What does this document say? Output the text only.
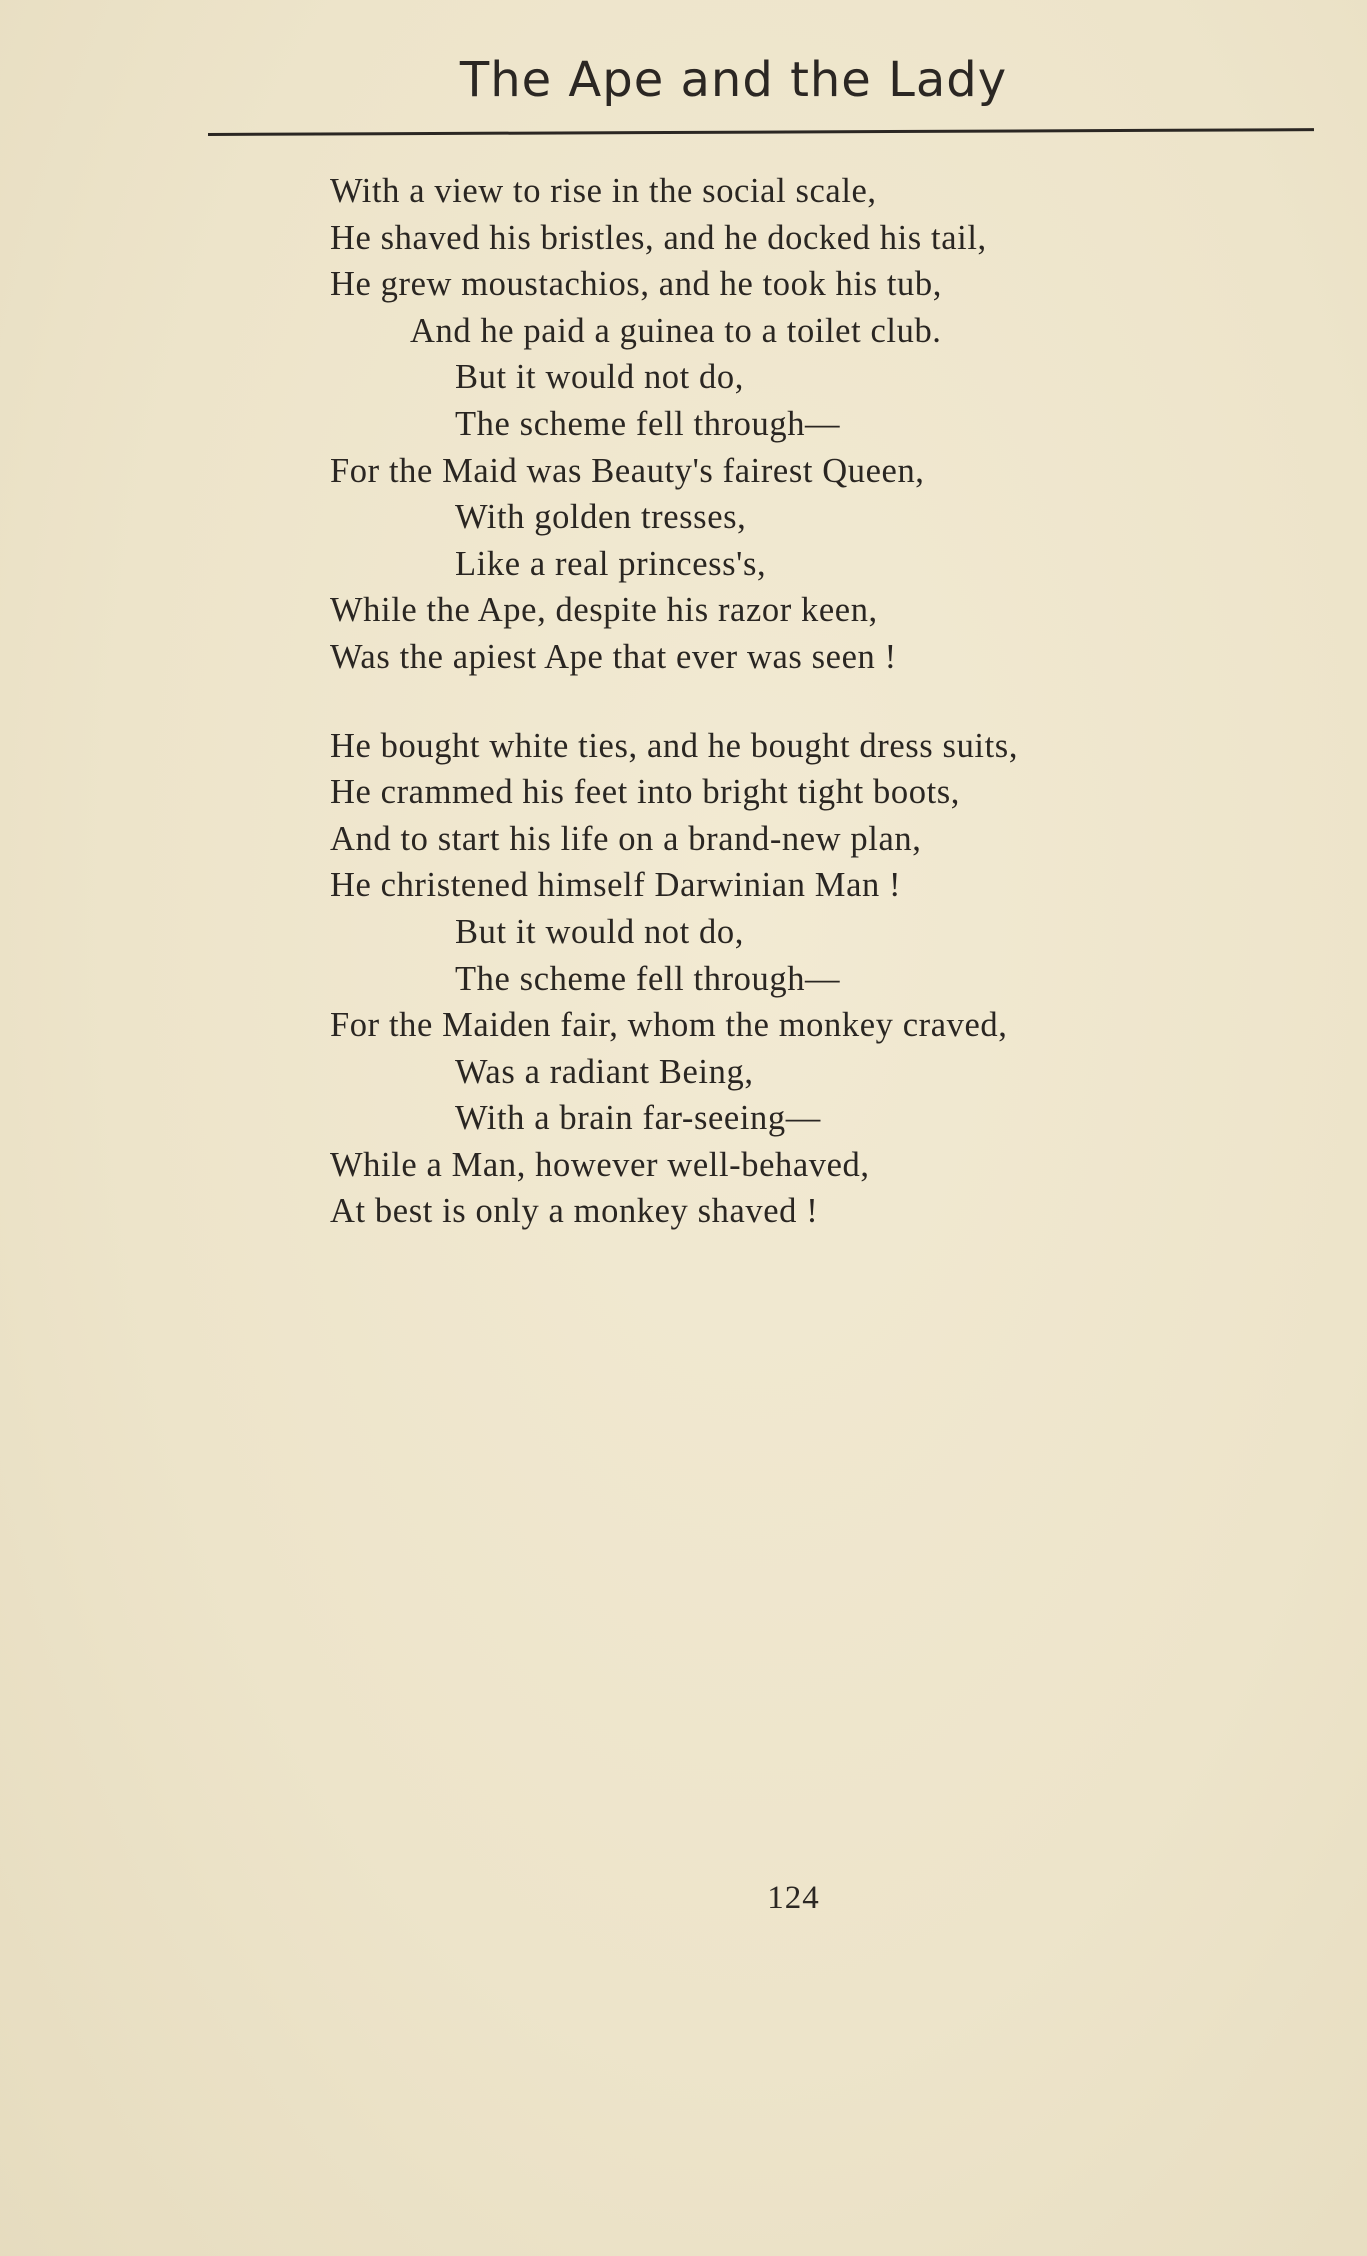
The Ape and the Lady
With a view to rise in the social scale,
He shaved his bristles, and he docked his tail,
He grew moustachios, and he took his tub,
And he paid a guinea to a toilet club.
But it would not do,
The scheme fell through—
For the Maid was Beauty's fairest Queen,
With golden tresses,
Like a real princess's,
While the Ape, despite his razor keen,
Was the apiest Ape that ever was seen !
He bought white ties, and he bought dress suits,
He crammed his feet into bright tight boots,
And to start his life on a brand-new plan,
He christened himself Darwinian Man !
But it would not do,
The scheme fell through—
For the Maiden fair, whom the monkey craved,
Was a radiant Being,
With a brain far-seeing—
While a Man, however well-behaved,
At best is only a monkey shaved !
124
